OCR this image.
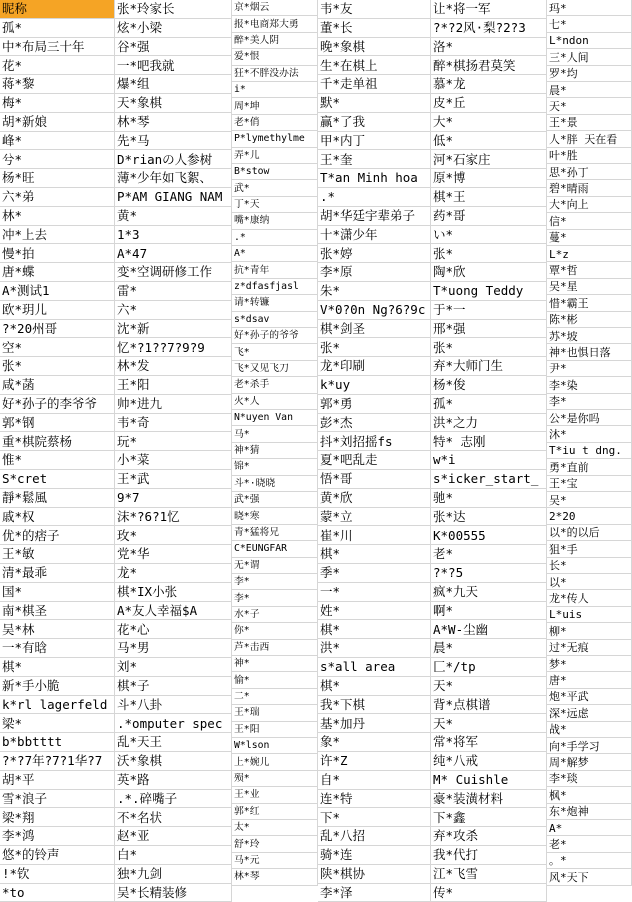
昵称
孤*
中*布局三十年
花*
蒋*黎
梅*
胡*新娘
峰*
兮*
杨*旺
六*弟
林*
冲*上去
慢*拍
唐*蝶
A*测试1
欧*玥儿
?*20州哥
空*
张*
咸*菡
好*孙子的李爷爷
郭*钢
重*棋院蔡杨
惟*
S*cret
靜*鬆風
戚*权
优*的痞子
王*敏
清*最乖
国*
南*棋圣
吴*林
一*有晗
棋*
新*手小脆
k*rl lagerfeld
梁*
b*bbtttt
?*?7年?7?1华?7
胡*平
雪*浪子
梁*翔
李*鸿
悠*的铃声
!*钦
*to
张*玲家长
炫*小梁
谷*强
一*吧我就
爆*组
天*象棋
林*琴
先*马
D*rianの人参树
薄*少年如飞絮、
P*AM GIANG NAM
黄*
1*3
A*47
变*空调研修工作
雷*
六*
沈*新
忆*?1??7?9?9
林*发
王*阳
帅*进九
韦*奇
玩*
小*菜
王*武
9*7
沫*?6?1忆
玫*
党*华
龙*
棋*IX小张
A*友人幸福$A
花*心
马*男
刘*
棋*子
斗*八卦
.*omputer spec
乱*天王
沃*象棋
英*路
.*.碎嘴子
不*名状
赵*亚
白*
独*九剑
吴*长精装修
京*烟云
报*电商郑大勇
醉*美人阴
爱*恨
狂*不胖没办法
i*
周*坤
老*俏
P*lymethylme
弄*儿
B*stow
武*
丁*天
嘴*康纳
.*
A*
抗*青年
z*dfasfjasl
请*转镰
s*dsav
好*孙子的爷爷
飞*
飞*又见飞刀
老*杀手
火*人
N*uyen Van
马*
神*猜
锦*
斗*·晓晓
武*强
晓*寒
青*猛将兄
C*EUNGFAR
无*谓
李*
李*
水*子
你*
芦*击西
神*
愉*
二*
王*瑞
王*阳
W*lson
上*婉儿
殒*
王*业
郭*红
太*
舒*玲
马*元
林*琴
韦*友
董*长
晚*象棋
生*在棋上
千*走单祖
默*
赢*了我
甲*内丁
王*奎
T*an Minh hoa
.*
胡*华廷宇辈弟子
十*潇少年
张*婷
李*原
朱*
V*0?0n Ng?6?9c
棋*剑圣
张*
龙*印刷
k*uy
郭*勇
彭*杰
抖*刘招摇fs
夏*吧乱走
悟*哥
黄*欣
蒙*立
崔*川
棋*
季*
一*
姓*
棋*
洪*
s*all area
棋*
我*下棋
基*加丹
象*
许*Z
自*
连*特
下*
乱*八招
骑*连
陕*棋协
李*泽
让*将一军
?*?2风·梨?2?3
洛*
醉*棋扬君莫笑
慕*龙
皮*丘
大*
低*
河*石家庄
原*博
棋*王
药*哥
い*
张*
陶*欣
T*uong Teddy
于*一
邢*强
张*
弃*大师门生
杨*俊
孤*
洪*之力
特* 志刚
w*i
s*icker_start_
驰*
张*达
K*00555
老*
?*?5
疯*九天
啊*
A*W-尘幽
晨*
匚*/tp
天*
背*点棋谱
天*
常*将军
纯*八戒
M* Cuishle
豪*装潢材料
下*鑫
弃*攻杀
我*代打
江*飞雪
传*
玛*
七*
L*ndon
三*人间
罗*均
晨*
天*
王*景
人*胖 天在看
叶*胜
思*孙丁
碧*晴雨
大*向上
信*
蔓*
L*z
覃*哲
吴*星
惜*霸王
陈*彬
苏*坡
神*也惧日落
尹*
李*染
李*
公*是你吗
沐*
T*iu t dng.
勇*直前
王*宝
吴*
2*20
以*的以后
狙*手
长*
以*
龙*传人
L*uis
柳*
过*无痕
梦*
唐*
炮*平武
深*远虑
战*
向*手学习
周*解梦
李*琰
枫*
东*炮神
A*
老*
。*
风*天下
